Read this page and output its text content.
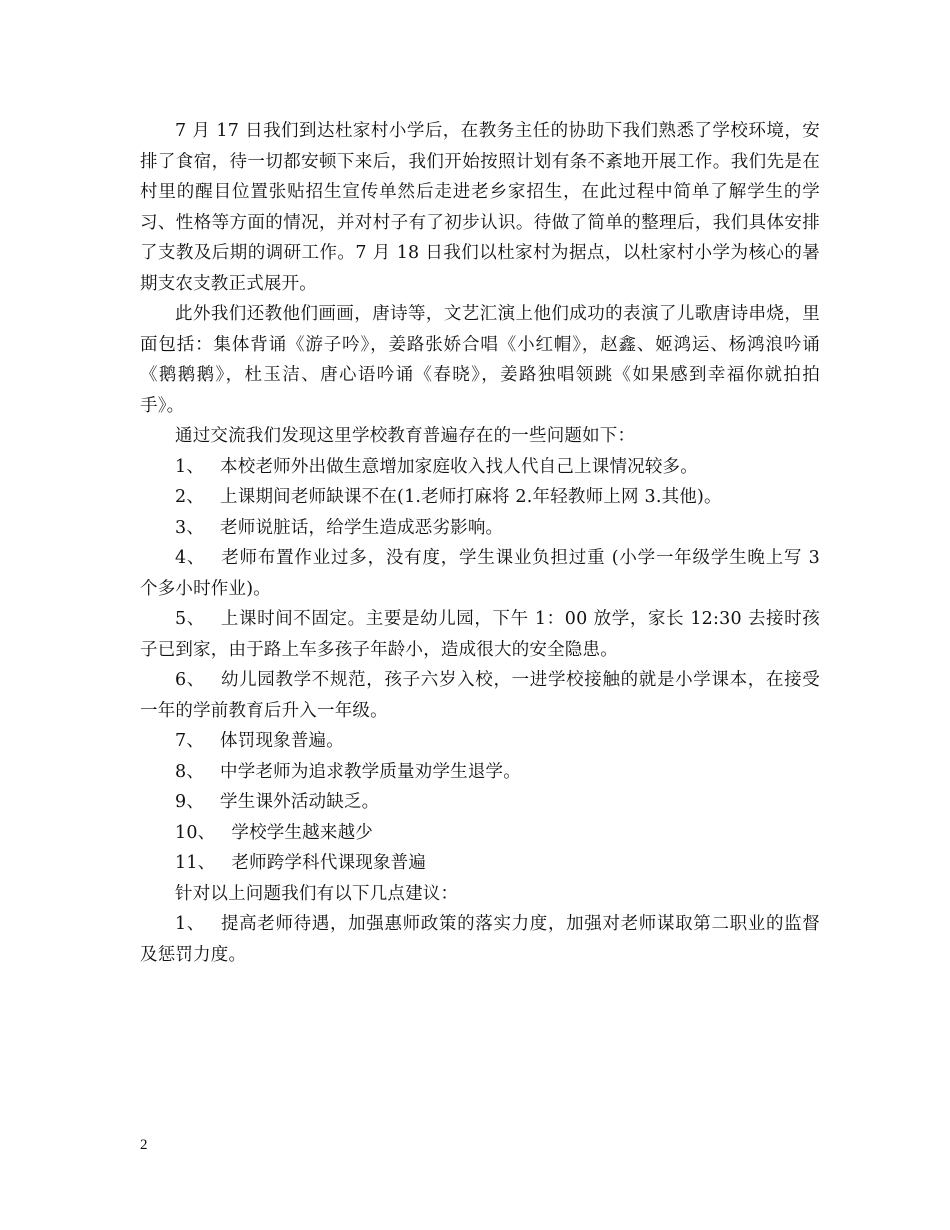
7 月 17 日我们到达杜家村小学后，在教务主任的协助下我们熟悉了学校环境，安排了食宿，待一切都安顿下来后，我们开始按照计划有条不紊地开展工作。我们先是在村里的醒目位置张贴招生宣传单然后走进老乡家招生，在此过程中简单了解学生的学习、性格等方面的情况，并对村子有了初步认识。待做了简单的整理后，我们具体安排了支教及后期的调研工作。7 月 18 日我们以杜家村为据点，以杜家村小学为核心的暑期支农支教正式展开。

此外我们还教他们画画，唐诗等，文艺汇演上他们成功的表演了儿歌唐诗串烧，里面包括：集体背诵《游子吟》，姜路张娇合唱《小红帽》，赵鑫、姬鸿运、杨鸿浪吟诵《鹅鹅鹅》，杜玉洁、唐心语吟诵《春晓》，姜路独唱领跳《如果感到幸福你就拍拍手》。

通过交流我们发现这里学校教育普遍存在的一些问题如下：

1、 本校老师外出做生意增加家庭收入找人代自己上课情况较多。

2、 上课期间老师缺课不在(1.老师打麻将 2.年轻教师上网 3.其他)。

3、 老师说脏话，给学生造成恶劣影响。

4、 老师布置作业过多，没有度，学生课业负担过重 (小学一年级学生晚上写 3 个多小时作业)。

5、 上课时间不固定。主要是幼儿园，下午 1：00 放学，家长 12:30 去接时孩子已到家，由于路上车多孩子年龄小，造成很大的安全隐患。

6、 幼儿园教学不规范，孩子六岁入校，一进学校接触的就是小学课本，在接受一年的学前教育后升入一年级。

7、 体罚现象普遍。

8、 中学老师为追求教学质量劝学生退学。

9、 学生课外活动缺乏。

10、 学校学生越来越少

11、 老师跨学科代课现象普遍

针对以上问题我们有以下几点建议：

1、 提高老师待遇，加强惠师政策的落实力度，加强对老师谋取第二职业的监督及惩罚力度。

2
